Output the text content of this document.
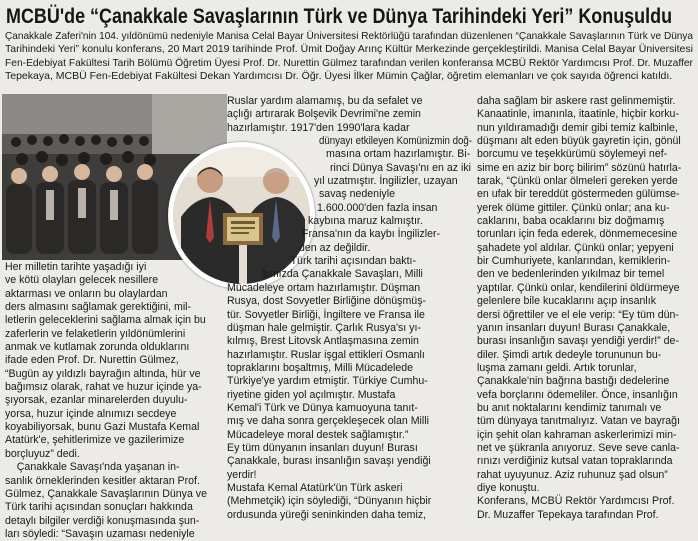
MCBÜ'de “Çanakkale Savaşlarının Türk ve Dünya Tarihindeki Yeri” Konuşuldu

Çanakkale Zaferi'nin 104. yıldönümü nedeniyle Manisa Celal Bayar Üniversitesi Rektörlüğü tarafından düzenlenen “Çanakkale Savaşlarının Türk ve Dünya
Tarihindeki Yeri” konulu konferans, 20 Mart 2019 tarihinde Prof. Ümit Doğay Arınç Kültür Merkezinde gerçekleştirildi. Manisa Celal Bayar Üniversitesi
Fen-Edebiyat Fakültesi Tarih Bölümü Öğretim Üyesi Prof. Dr. Nurettin Gülmez tarafından verilen konferansa MCBÜ Rektör Yardımcısı Prof. Dr. Muzaffer
Tepekaya, MCBÜ Fen-Edebiyat Fakültesi Dekan Yardımcısı Dr. Öğr. Üyesi İlker Mümin Çağlar, öğretim elemanları ve çok sayıda öğrenci katıldı.

Her milletin tarihte yaşadığı iyi
ve kötü olayları gelecek nesillere
aktarması ve onların bu olaylardan
ders almasını sağlamak gerektiğini, mil-
letlerin geleceklerini sağlama almak için bu
zaferlerin ve felaketlerin yıldönümlerini
anmak ve kutlamak zorunda olduklarını
ifade eden Prof. Dr. Nurettin Gülmez,
“Bugün ay yıldızlı bayrağın altında, hür ve
bağımsız olarak, rahat ve huzur içinde ya-
şıyorsak, ezanlar minarelerden duyulu-
yorsa, huzur içinde alnımızı secdeye
koyabiliyorsak, bunu Gazi Mustafa Kemal
Atatürk'e, şehitlerimize ve gazilerimize
borçluyuz” dedi.
Çanakkale Savaşı'nda yaşanan in-
sanlık örneklerinden kesitler aktaran Prof.
Gülmez, Çanakkale Savaşlarının Dünya ve
Türk tarihi açısından sonuçları hakkında
detaylı bilgiler verdiği konuşmasında şun-
ları söyledi: “Savaşın uzaması nedeniyle

Ruslar yardım alamamış, bu da sefalet ve
açlığı artırarak Bolşevik Devrimi'ne zemin
hazırlamıştır. 1917'den 1990'lara kadar
dünyayı etkileyen Komünizmin doğ-
masına ortam hazırlamıştır. Bi-
rinci Dünya Savaşı'nı en az iki
yıl uzatmıştır. İngilizler, uzayan
savaş nedeniyle
1.600.000'den fazla insan
kaybına maruz kalmıştır.
Fransa'nın da kaybı İngilizler-
den az değildir.
Türk tarihi açısından baktı-
ğımızda Çanakkale Savaşları, Milli
Mücadeleye ortam hazırlamıştır. Düşman
Rusya, dost Sovyetler Birliğine dönüşmüş-
tür. Sovyetler Birliği, İngiltere ve Fransa ile
düşman hale gelmiştir. Çarlık Rusya'sı yı-
kılmış, Brest Litovsk Antlaşmasına zemin
hazırlamıştır. Ruslar işgal ettikleri Osmanlı
topraklarını boşaltmış, Milli Mücadelede
Türkiye'ye yardım etmiştir. Türkiye Cumhu-
riyetine giden yol açılmıştır. Mustafa
Kemal'i Türk ve Dünya kamuoyuna tanıt-
mış ve daha sonra gerçekleşecek olan Milli
Mücadeleye moral destek sağlamıştır.”
Ey tüm dünyanın insanları duyun! Burası
Çanakkale, burası insanlığın savaşı yendiği
yerdir!
Mustafa Kemal Atatürk'ün Türk askeri
(Mehmetçik) için söylediği, “Dünyanın hiçbir
ordusunda yüreği seninkinden daha temiz,

daha sağlam bir askere rast gelinmemiştir.
Kanaatinle, imanınla, itaatinle, hiçbir korku-
nun yıldıramadığı demir gibi temiz kalbinle,
düşmanı alt eden büyük gayretin için, gönül
borcumu ve teşekkürümü söylemeyi nef-
sime en aziz bir borç bilirim” sözünü hatırla-
tarak, “Çünkü onlar ölmeleri gereken yerde
en ufak bir tereddüt göstermeden gülümse-
yerek ölüme gittiler. Çünkü onlar; ana ku-
caklarını, baba ocaklarını biz doğmamış
torunları için feda ederek, dönmemecesine
şahadete yol aldılar. Çünkü onlar; yepyeni
bir Cumhuriyete, kanlarından, kemiklerin-
den ve bedenlerinden yıkılmaz bir temel
yaptılar. Çünkü onlar, kendilerini öldürmeye
gelenlere bile kucaklarını açıp insanlık
dersi öğrettiler ve el ele verip: “Ey tüm dün-
yanın insanları duyun! Burası Çanakkale,
burası insanlığın savaşı yendiği yerdir!” de-
diler. Şimdi artık dedeyle torununun bu-
luşma zamanı geldi. Artık torunlar,
Çanakkale'nin bağrına bastığı dedelerine
vefa borçlarını ödemeliler. Önce, insanlığın
bu anıt noktalarını kendimiz tanımalı ve
tüm dünyaya tanıtmalıyız. Vatan ve bayrağı
için şehit olan kahraman askerlerimizi min-
net ve şükranla anıyoruz. Seve seve canla-
rınızı verdiğiniz kutsal vatan topraklarında
rahat uyuyunuz. Aziz ruhunuz şad olsun”
diye konuştu.
Konferans, MCBÜ Rektör Yardımcısı Prof.
Dr. Muzaffer Tepekaya tarafından Prof.
